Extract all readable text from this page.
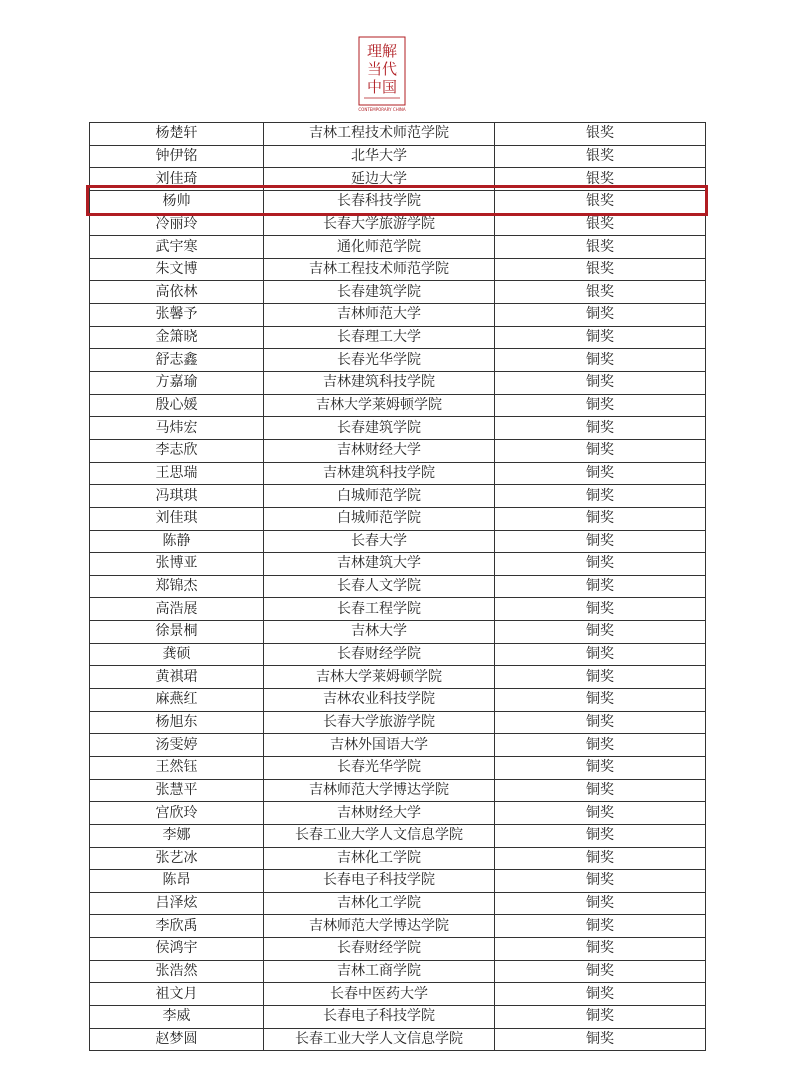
理解
当代
中国
CONTEMPORARY CHINA
杨楚轩	吉林工程技术师范学院	银奖
钟伊铭	北华大学	银奖
刘佳琦	延边大学	银奖
杨帅	长春科技学院	银奖
冷丽玲	长春大学旅游学院	银奖
武宇寒	通化师范学院	银奖
朱文博	吉林工程技术师范学院	银奖
高依林	长春建筑学院	银奖
张馨予	吉林师范大学	铜奖
金箫晓	长春理工大学	铜奖
舒志鑫	长春光华学院	铜奖
方嘉瑜	吉林建筑科技学院	铜奖
殷心媛	吉林大学莱姆顿学院	铜奖
马炜宏	长春建筑学院	铜奖
李志欣	吉林财经大学	铜奖
王思瑞	吉林建筑科技学院	铜奖
冯琪琪	白城师范学院	铜奖
刘佳琪	白城师范学院	铜奖
陈静	长春大学	铜奖
张博亚	吉林建筑大学	铜奖
郑锦杰	长春人文学院	铜奖
高浩展	长春工程学院	铜奖
徐景桐	吉林大学	铜奖
龚硕	长春财经学院	铜奖
黄祺珺	吉林大学莱姆顿学院	铜奖
麻燕红	吉林农业科技学院	铜奖
杨旭东	长春大学旅游学院	铜奖
汤雯婷	吉林外国语大学	铜奖
王然钰	长春光华学院	铜奖
张慧平	吉林师范大学博达学院	铜奖
宫欣玲	吉林财经大学	铜奖
李娜	长春工业大学人文信息学院	铜奖
张艺冰	吉林化工学院	铜奖
陈昂	长春电子科技学院	铜奖
吕泽炫	吉林化工学院	铜奖
李欣禹	吉林师范大学博达学院	铜奖
侯鸿宇	长春财经学院	铜奖
张浩然	吉林工商学院	铜奖
祖文月	长春中医药大学	铜奖
李威	长春电子科技学院	铜奖
赵梦圆	长春工业大学人文信息学院	铜奖
